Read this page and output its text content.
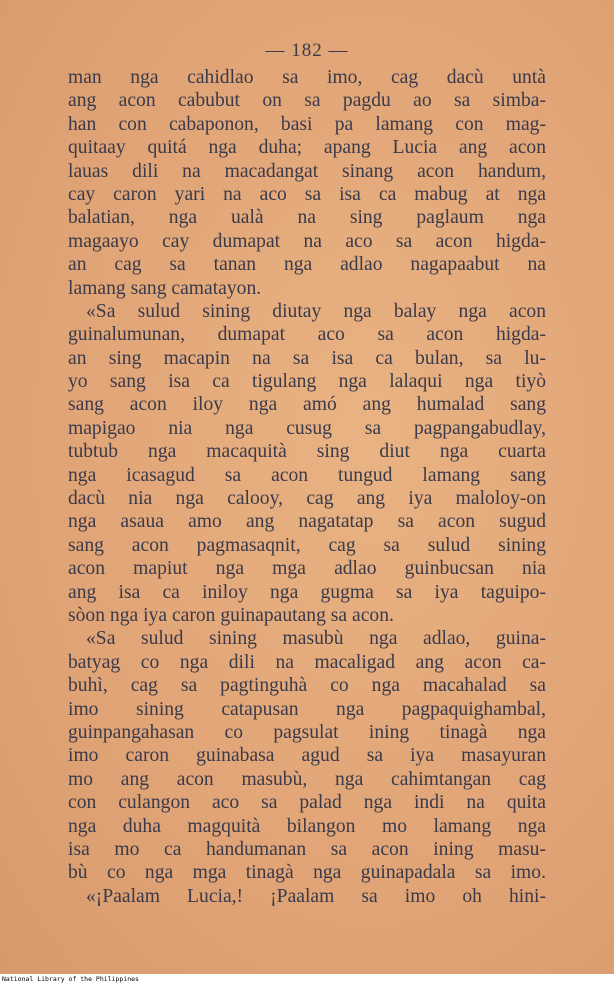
— 182 —
man nga cahidlao sa imo, cag dacù untà
ang acon cabubut on sa pagdu ao sa simba-
han con cabaponon, basi pa lamang con mag-
quitaay quitá nga duha; apang Lucia ang acon
lauas dili na macadangat sinang acon handum,
cay caron yari na aco sa isa ca mabug at nga
balatian, nga ualà na sing paglaum nga
magaayo cay dumapat na aco sa acon higda-
an cag sa tanan nga adlao nagapaabut na
lamang sang camatayon.
«Sa sulud sining diutay nga balay nga acon
guinalumunan, dumapat aco sa acon higda-
an sing macapin na sa isa ca bulan, sa lu-
yo sang isa ca tigulang nga lalaqui nga tiyò
sang acon iloy nga amó ang humalad sang
mapigao nia nga cusug sa pagpangabudlay,
tubtub nga macaquità sing diut nga cuarta
nga icasagud sa acon tungud lamang sang
dacù nia nga calooy, cag ang iya maloloy-on
nga asaua amo ang nagatatap sa acon sugud
sang acon pagmasaqnit, cag sa sulud sining
acon mapiut nga mga adlao guinbucsan nia
ang isa ca iniloy nga gugma sa iya taguipo-
sòon nga iya caron guinapautang sa acon.
«Sa sulud sining masubù nga adlao, guina-
batyag co nga dili na macaligad ang acon ca-
buhì, cag sa pagtinguhà co nga macahalad sa
imo sining catapusan nga pagpaquighambal,
guinpangahasan co pagsulat ining tinagà nga
imo caron guinabasa agud sa iya masayuran
mo ang acon masubù, nga cahimtangan cag
con culangon aco sa palad nga indi na quita
nga duha magquità bilangon mo lamang nga
isa mo ca handumanan sa acon ining masu-
bù co nga mga tinagà nga guinapadala sa imo.
«¡Paalam Lucia,! ¡Paalam sa imo oh hini-
National Library of the Philippines
